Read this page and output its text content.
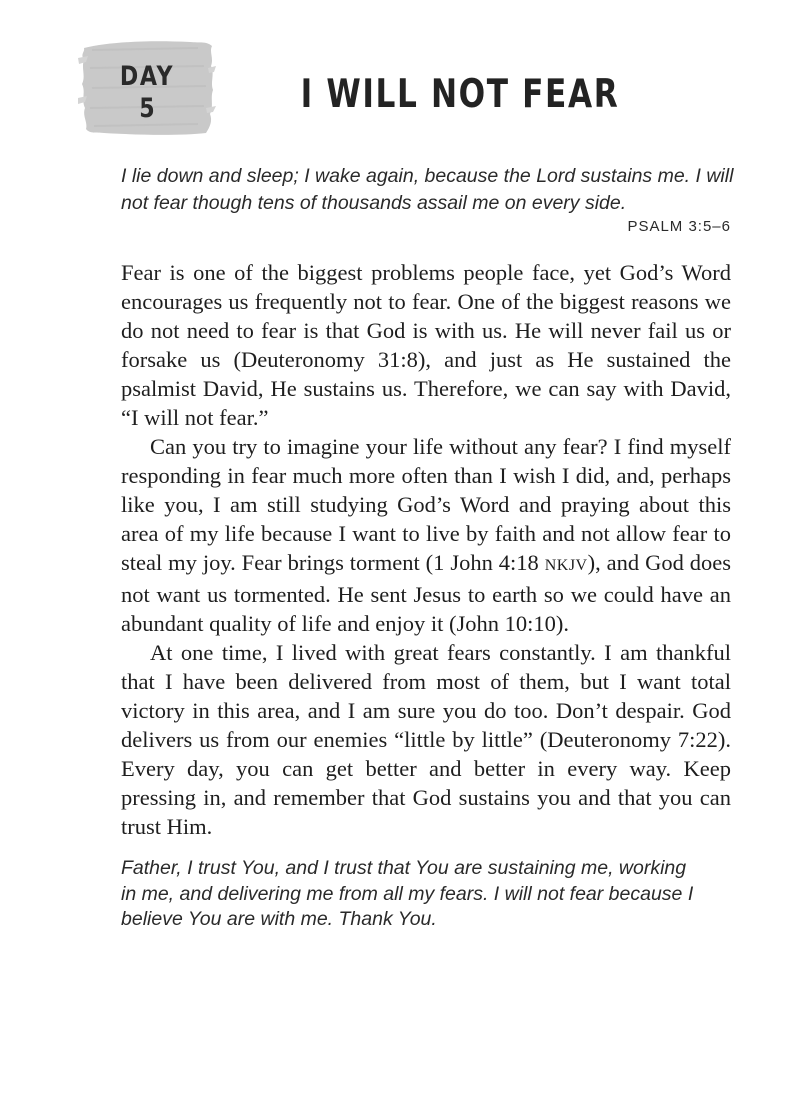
DAY
5	I WILL NOT FEAR
I lie down and sleep; I wake again, because the Lord sustains me. I will
not fear though tens of thousands assail me on every side.
PSALM 3:5–6

Fear is one of the biggest problems people face, yet God’s Word encourages us frequently not to fear. One of the biggest reasons we do not need to fear is that God is with us. He will never fail us or forsake us (Deuteronomy 31:8), and just as He sustained the psalmist David, He sustains us. Therefore, we can say with David, “I will not fear.”

Can you try to imagine your life without any fear? I find myself responding in fear much more often than I wish I did, and, perhaps like you, I am still studying God’s Word and praying about this area of my life because I want to live by faith and not allow fear to steal my joy. Fear brings torment (1 John 4:18 NKJV), and God does not want us tormented. He sent Jesus to earth so we could have an abundant quality of life and enjoy it (John 10:10).

At one time, I lived with great fears constantly. I am thankful that I have been delivered from most of them, but I want total victory in this area, and I am sure you do too. Don’t despair. God delivers us from our enemies “little by little” (Deuteronomy 7:22). Every day, you can get better and better in every way. Keep pressing in, and remember that God sustains you and that you can trust Him.

Father, I trust You, and I trust that You are sustaining me, working
in me, and delivering me from all my fears. I will not fear because I
believe You are with me. Thank You.
